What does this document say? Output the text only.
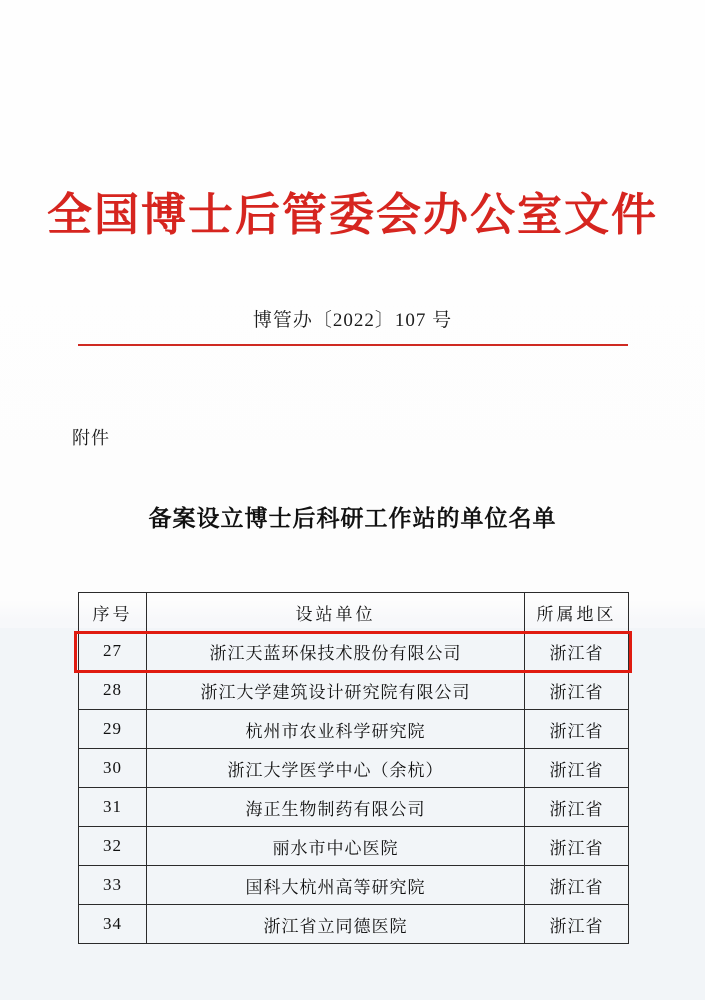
全国博士后管委会办公室文件
博管办〔2022〕107 号
附件
备案设立博士后科研工作站的单位名单
序号	设站单位	所属地区
27	浙江天蓝环保技术股份有限公司	浙江省
28	浙江大学建筑设计研究院有限公司	浙江省
29	杭州市农业科学研究院	浙江省
30	浙江大学医学中心（余杭）	浙江省
31	海正生物制药有限公司	浙江省
32	丽水市中心医院	浙江省
33	国科大杭州高等研究院	浙江省
34	浙江省立同德医院	浙江省
